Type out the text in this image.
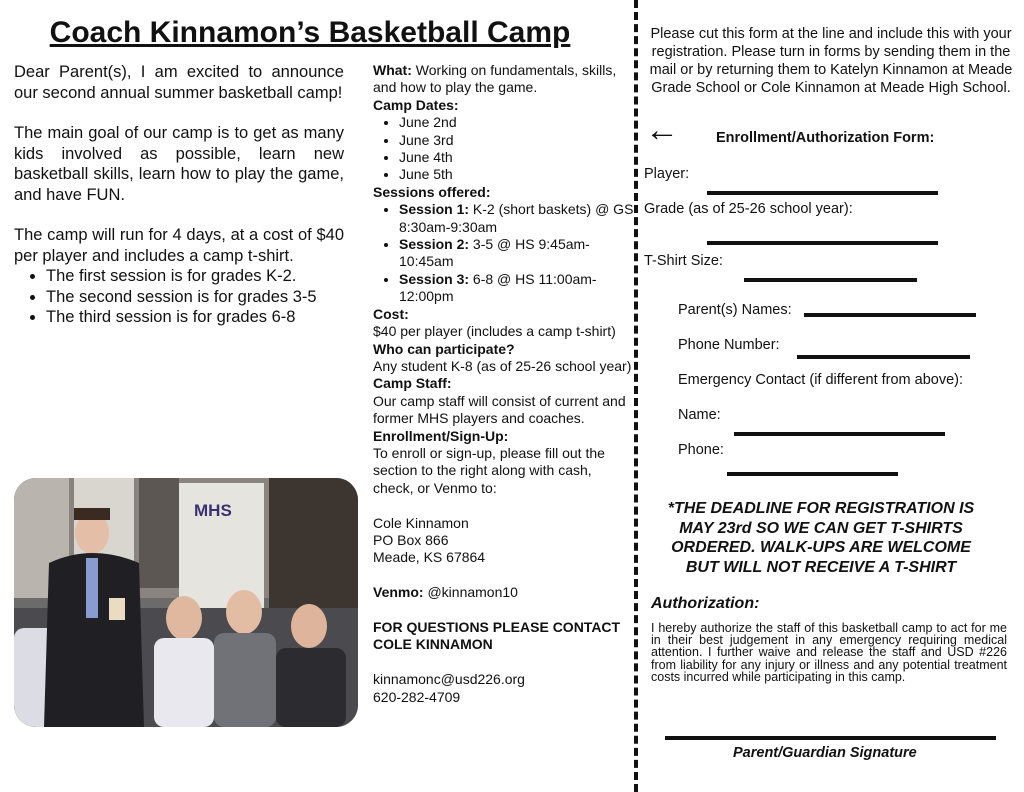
Coach Kinnamon’s Basketball Camp

Dear Parent(s), I am excited to announce our second annual summer basketball camp!

The main goal of our camp is to get as many kids involved as possible, learn new basketball skills, learn how to play the game, and have FUN.

The camp will run for 4 days, at a cost of $40 per player and includes a camp t-shirt.

• The first session is for grades K-2.
• The second session is for grades 3-5
• The third session is for grades 6-8
MHS
What: Working on fundamentals, skills, and how to play the game.
Camp Dates:
• June 2nd
• June 3rd
• June 4th
• June 5th
Sessions offered:
• Session 1: K-2 (short baskets) @ GS 8:30am-9:30am
• Session 2: 3-5 @ HS 9:45am-10:45am
• Session 3: 6-8 @ HS 11:00am-12:00pm
Cost:
$40 per player (includes a camp t-shirt)
Who can participate?
Any student K-8 (as of 25-26 school year)
Camp Staff:
Our camp staff will consist of current and former MHS players and coaches.
Enrollment/Sign-Up:
To enroll or sign-up, please fill out the section to the right along with cash, check, or Venmo to:
Cole Kinnamon
PO Box 866
Meade, KS 67864
Venmo: @kinnamon10
FOR QUESTIONS PLEASE CONTACT COLE KINNAMON
kinnamonc@usd226.org
620-282-4709
Please cut this form at the line and include this with your registration. Please turn in forms by sending them in the mail or by returning them to Katelyn Kinnamon at Meade Grade School or Cole Kinnamon at Meade High School.
←	Enrollment/Authorization Form:
Player:
Grade (as of 25-26 school year):
T-Shirt Size:
Parent(s) Names:
Phone Number:
Emergency Contact (if different from above):
Name:
Phone:
*THE DEADLINE FOR REGISTRATION IS MAY 23rd SO WE CAN GET T-SHIRTS ORDERED. WALK-UPS ARE WELCOME BUT WILL NOT RECEIVE A T-SHIRT
Authorization:
I hereby authorize the staff of this basketball camp to act for me in their best judgement in any emergency requiring medical attention. I further waive and release the staff and USD #226 from liability for any injury or illness and any potential treatment costs incurred while participating in this camp.
Parent/Guardian Signature
